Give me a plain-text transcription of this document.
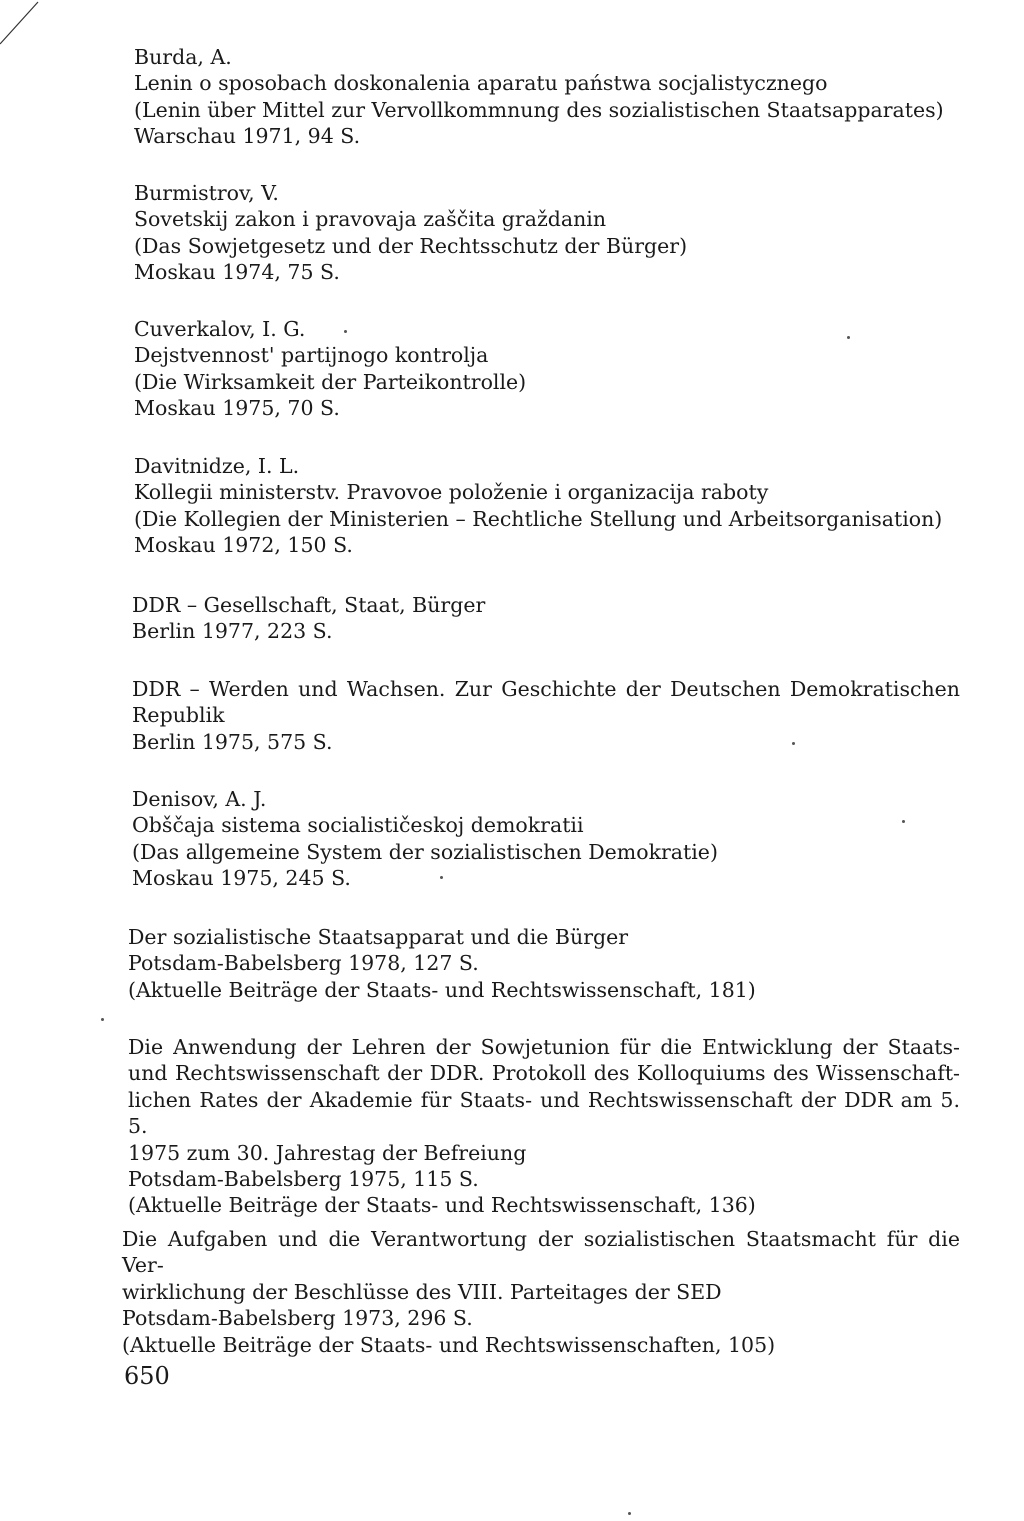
Burda, A.
Lenin o sposobach doskonalenia aparatu państwa socjalistycznego
(Lenin über Mittel zur Vervollkommnung des sozialistischen Staatsapparates)
Warschau 1971, 94 S.
Burmistrov, V.
Sovetskij zakon i pravovaja zaščita graždanin
(Das Sowjetgesetz und der Rechtsschutz der Bürger)
Moskau 1974, 75 S.
Cuverkalov, I. G.
Dejstvennost' partijnogo kontrolja
(Die Wirksamkeit der Parteikontrolle)
Moskau 1975, 70 S.
Davitnidze, I. L.
Kollegii ministerstv. Pravovoe položenie i organizacija raboty
(Die Kollegien der Ministerien – Rechtliche Stellung und Arbeitsorganisation)
Moskau 1972, 150 S.
DDR – Gesellschaft, Staat, Bürger
Berlin 1977, 223 S.
DDR – Werden und Wachsen. Zur Geschichte der Deutschen Demokratischen
Republik
Berlin 1975, 575 S.
Denisov, A. J.
Obščaja sistema socialističeskoj demokratii
(Das allgemeine System der sozialistischen Demokratie)
Moskau 1975, 245 S.
Der sozialistische Staatsapparat und die Bürger
Potsdam-Babelsberg 1978, 127 S.
(Aktuelle Beiträge der Staats- und Rechtswissenschaft, 181)
Die Anwendung der Lehren der Sowjetunion für die Entwicklung der Staats-
und Rechtswissenschaft der DDR. Protokoll des Kolloquiums des Wissenschaft-
lichen Rates der Akademie für Staats- und Rechtswissenschaft der DDR am 5. 5.
1975 zum 30. Jahrestag der Befreiung
Potsdam-Babelsberg 1975, 115 S.
(Aktuelle Beiträge der Staats- und Rechtswissenschaft, 136)
Die Aufgaben und die Verantwortung der sozialistischen Staatsmacht für die Ver-
wirklichung der Beschlüsse des VIII. Parteitages der SED
Potsdam-Babelsberg 1973, 296 S.
(Aktuelle Beiträge der Staats- und Rechtswissenschaften, 105)
650
